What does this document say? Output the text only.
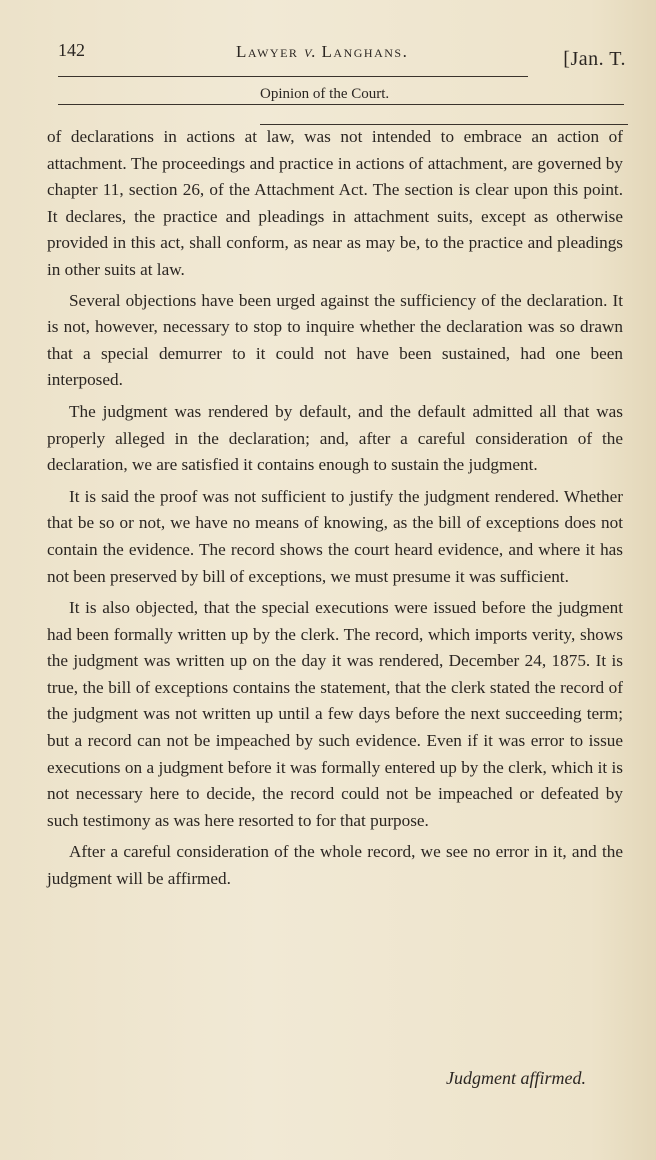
142	Lawyer v. Langhans.	[Jan. T.
Opinion of the Court.

of declarations in actions at law, was not intended to embrace an action of attachment. The proceedings and practice in actions of attachment, are governed by chapter 11, section 26, of the Attachment Act. The section is clear upon this point. It declares, the practice and pleadings in attachment suits, except as otherwise provided in this act, shall conform, as near as may be, to the practice and pleadings in other suits at law.

Several objections have been urged against the sufficiency of the declaration. It is not, however, necessary to stop to inquire whether the declaration was so drawn that a special demurrer to it could not have been sustained, had one been interposed.

The judgment was rendered by default, and the default admitted all that was properly alleged in the declaration; and, after a careful consideration of the declaration, we are satisfied it contains enough to sustain the judgment.

It is said the proof was not sufficient to justify the judgment rendered. Whether that be so or not, we have no means of knowing, as the bill of exceptions does not contain the evidence. The record shows the court heard evidence, and where it has not been preserved by bill of exceptions, we must presume it was sufficient.

It is also objected, that the special executions were issued before the judgment had been formally written up by the clerk. The record, which imports verity, shows the judgment was written up on the day it was rendered, December 24, 1875. It is true, the bill of exceptions contains the statement, that the clerk stated the record of the judgment was not written up until a few days before the next succeeding term; but a record can not be impeached by such evidence. Even if it was error to issue executions on a judgment before it was formally entered up by the clerk, which it is not necessary here to decide, the record could not be impeached or defeated by such testimony as was here resorted to for that purpose.

After a careful consideration of the whole record, we see no error in it, and the judgment will be affirmed.

Judgment affirmed.
